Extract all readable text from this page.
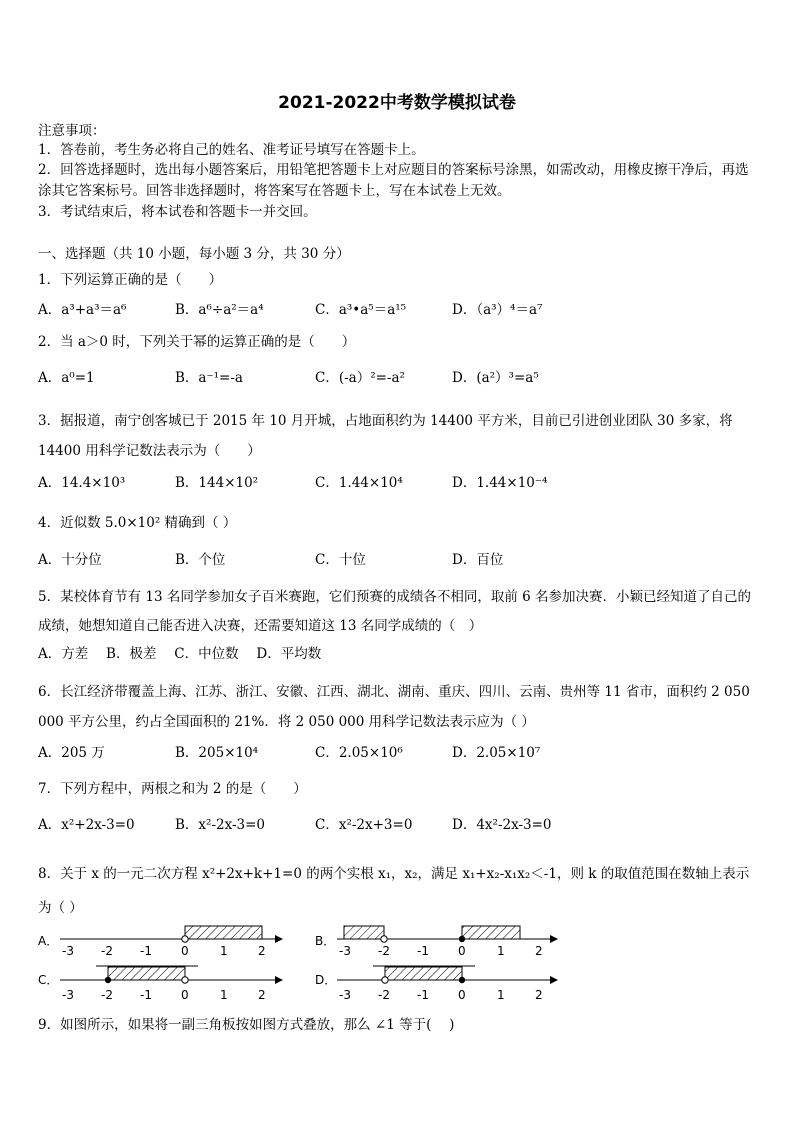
2021-2022中考数学模拟试卷
注意事项：
1．答卷前，考生务必将自己的姓名、准考证号填写在答题卡上。
2．回答选择题时，选出每小题答案后，用铅笔把答题卡上对应题目的答案标号涂黑，如需改动，用橡皮擦干净后，再选涂其它答案标号。回答非选择题时，将答案写在答题卡上，写在本试卷上无效。
3．考试结束后，将本试卷和答题卡一并交回。
一、选择题（共 10 小题，每小题 3 分，共 30 分）
1．下列运算正确的是（　　）
A．a³+a³＝a⁶	B．a⁶÷a²＝a⁴	C．a³•a⁵＝a¹⁵	D．（a³）⁴＝a⁷
2．当 a＞0 时，下列关于幂的运算正确的是（　　）
A．a⁰=1	B．a⁻¹=-a	C．(-a）²=-a²	D．(a²）³=a⁵
3．据报道，南宁创客城已于 2015 年 10 月开城，占地面积约为 14400 平方米，目前已引进创业团队 30 多家，将 14400 用科学记数法表示为（　　）
A．14.4×10³	B．144×10²	C．1.44×10⁴	D．1.44×10⁻⁴
4．近似数 5.0×10² 精确到（ ）
A．十分位	B．个位	C．十位	D．百位
5．某校体育节有 13 名同学参加女子百米赛跑，它们预赛的成绩各不相同，取前 6 名参加决赛．小颖已经知道了自己的成绩，她想知道自己能否进入决赛，还需要知道这 13 名同学成绩的（　）
A．方差　 B．极差　 C．中位数　 D．平均数
6．长江经济带覆盖上海、江苏、浙江、安徽、江西、湖北、湖南、重庆、四川、云南、贵州等 11 省市，面积约 2 050 000 平方公里，约占全国面积的 21%．将 2 050 000 用科学记数法表示应为（ ）
A．205 万	B．205×10⁴	C．2.05×10⁶	D．2.05×10⁷
7．下列方程中，两根之和为 2 的是（　　）
A．x²+2x-3=0	B．x²-2x-3=0	C．x²-2x+3=0	D．4x²-2x-3=0
8．关于 x 的一元二次方程 x²+2x+k+1=0 的两个实根 x₁，x₂，满足 x₁+x₂-x₁x₂＜-1，则 k 的取值范围在数轴上表示为（ ）
A．
-3 -2 -1 0	1	2
B．
-3 -2 -1 0	1	2
C．
-3 -2 -1 0	1	2
D．
-3 -2 -1 0	1	2
9．如图所示，如果将一副三角板按如图方式叠放，那么 ∠1 等于(　 )
